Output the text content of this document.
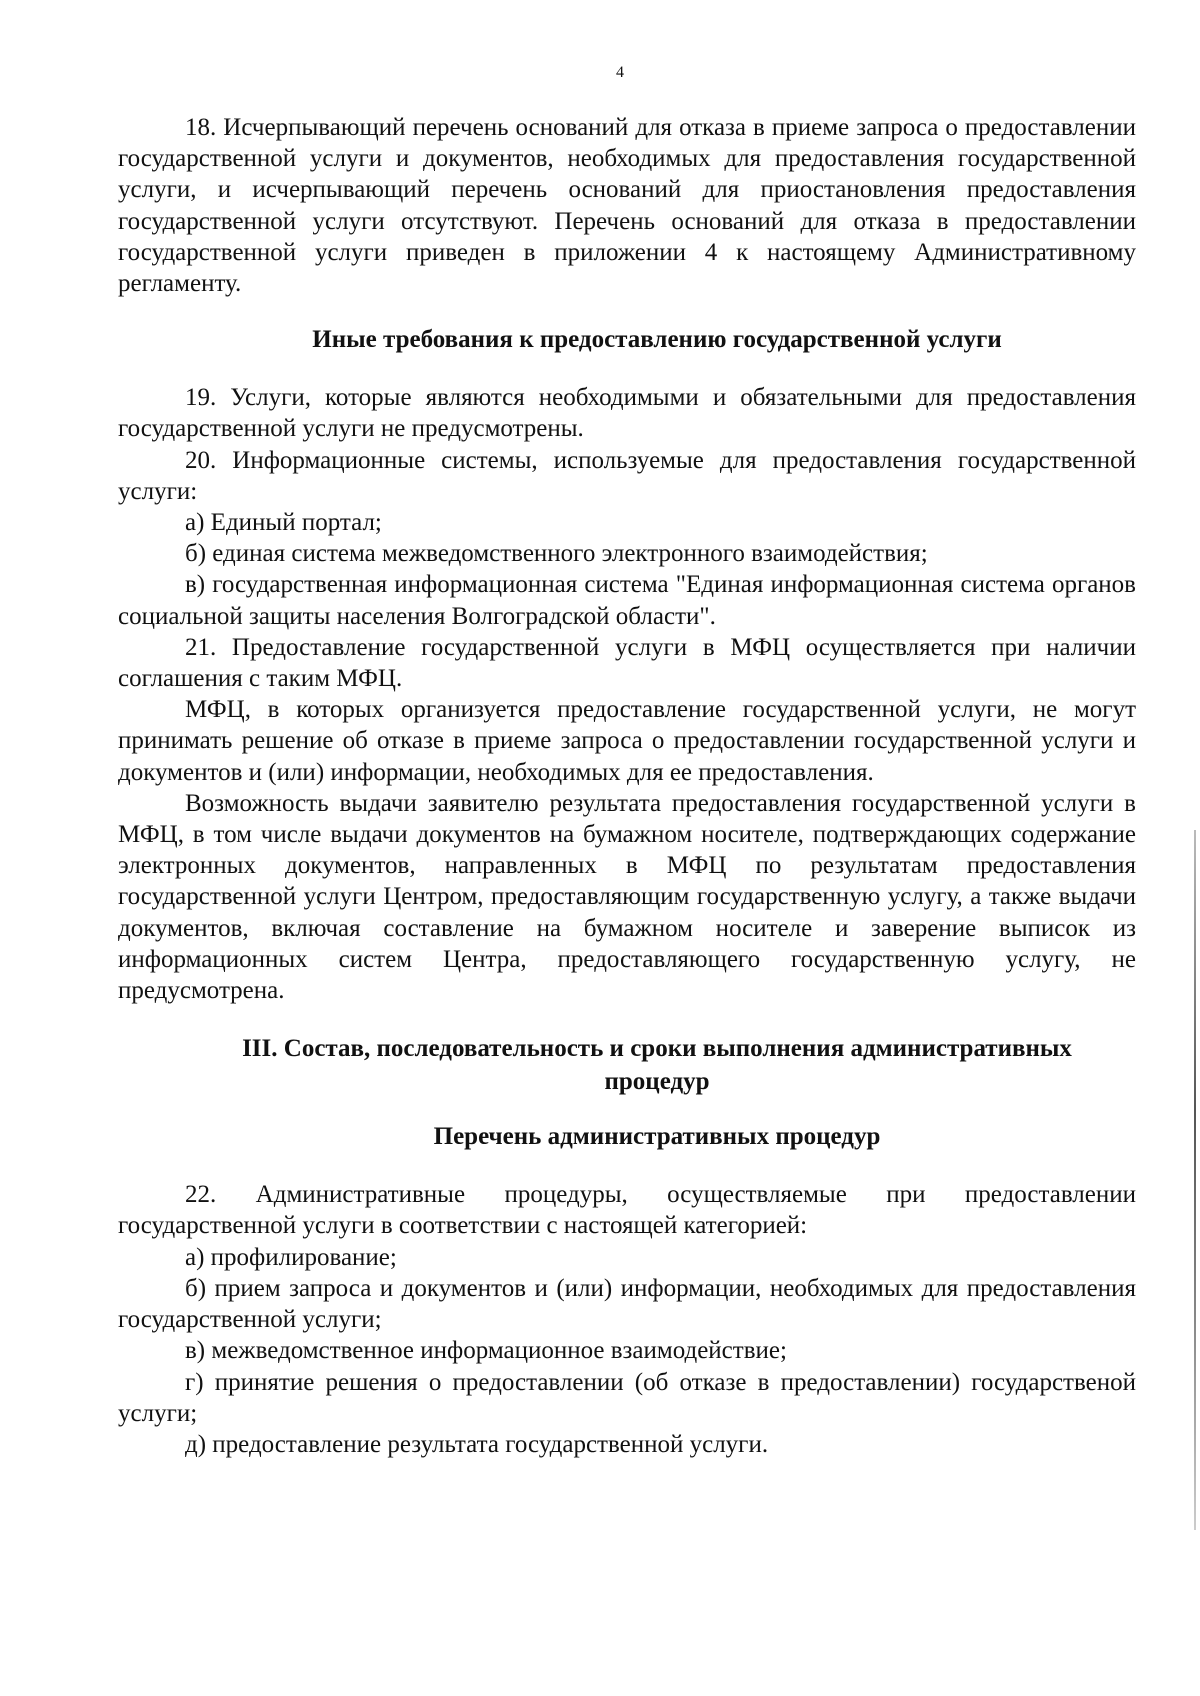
4

18. Исчерпывающий перечень оснований для отказа в приеме запроса о предоставлении государственной услуги и документов, необходимых для предоставления государственной услуги, и исчерпывающий перечень оснований для приостановления предоставления государственной услуги отсутствуют. Перечень оснований для отказа в предоставлении государственной услуги приведен в приложении 4 к настоящему Административному регламенту.

Иные требования к предоставлению государственной услуги

19. Услуги, которые являются необходимыми и обязательными для предоставления государственной услуги не предусмотрены.

20. Информационные системы, используемые для предоставления государственной услуги:

а) Единый портал;

б) единая система межведомственного электронного взаимодействия;

в) государственная информационная система "Единая информационная система органов социальной защиты населения Волгоградской области".

21. Предоставление государственной услуги в МФЦ осуществляется при наличии соглашения с таким МФЦ.

МФЦ, в которых организуется предоставление государственной услуги, не могут принимать решение об отказе в приеме запроса о предоставлении государственной услуги и документов и (или) информации, необходимых для ее предоставления.

Возможность выдачи заявителю результата предоставления государственной услуги в МФЦ, в том числе выдачи документов на бумажном носителе, подтверждающих содержание электронных документов, направленных в МФЦ по результатам предоставления государственной услуги Центром, предоставляющим государственную услугу, а также выдачи документов, включая составление на бумажном носителе и заверение выписок из информационных систем Центра, предоставляющего государственную услугу, не предусмотрена.

III. Состав, последовательность и сроки выполнения административных
процедур
Перечень административных процедур

22. Административные процедуры, осуществляемые при предоставлении государственной услуги в соответствии с настоящей категорией:

а) профилирование;

б) прием запроса и документов и (или) информации, необходимых для предоставления государственной услуги;

в) межведомственное информационное взаимодействие;

г) принятие решения о предоставлении (об отказе в предоставлении) государственой услуги;

д) предоставление результата государственной услуги.
